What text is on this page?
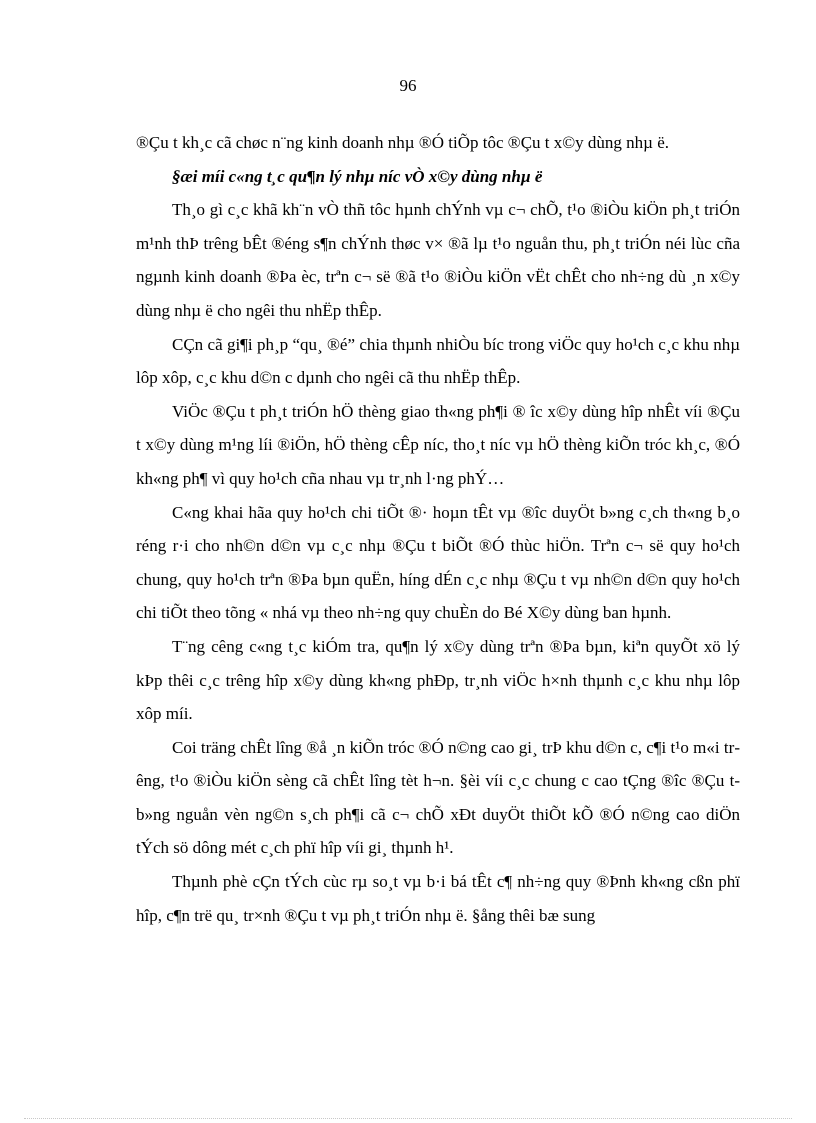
96

®Çu t kh¸c cã chøc n¨ng kinh doanh nhµ ®Ó tiÕp tôc ®Çu t x©y dùng nhµ ë.

§æi míi c«ng t¸c qu¶n lý nhµ níc vÒ x©y dùng nhµ ë

Th¸o gì c¸c khã kh¨n vÒ thñ tôc hµnh chÝnh vµ c¬ chÕ, t¹o ®iÒu kiÖn ph¸t triÓn m¹nh thÞ trêng bÊt ®éng s¶n chÝnh thøc v× ®ã lµ t¹o nguån thu, ph¸t triÓn néi lùc cña ngµnh kinh doanh ®Þa èc, trªn c¬ së ®ã t¹o ®iÒu kiÖn vËt chÊt cho nh÷ng dù ¸n x©y dùng nhµ ë cho ngêi thu nhËp thÊp.

CÇn cã gi¶i ph¸p “qu¸ ®é” chia thµnh nhiÒu bíc trong viÖc quy ho¹ch c¸c khu nhµ lôp xôp, c¸c khu d©n c dµnh cho ngêi cã thu nhËp thÊp.

ViÖc ®Çu t ph¸t triÓn hÖ thèng giao th«ng ph¶i ® îc x©y dùng hîp nhÊt víi ®Çu t x©y dùng m¹ng líi ®iÖn, hÖ thèng cÊp níc, tho¸t níc vµ hÖ thèng kiÕn tróc kh¸c, ®Ó kh«ng ph¶ vì quy ho¹ch cña nhau vµ tr¸nh l·ng phÝ…

C«ng khai hãa quy ho¹ch chi tiÕt ®· hoµn tÊt vµ ®îc duyÖt b»ng c¸ch th«ng b¸o réng r·i cho nh©n d©n vµ c¸c nhµ ®Çu t biÕt ®Ó thùc hiÖn. Trªn c¬ së quy ho¹ch chung, quy ho¹ch trªn ®Þa bµn quËn, híng dÉn c¸c nhµ ®Çu t vµ nh©n d©n quy ho¹ch chi tiÕt theo tõng « nhá vµ theo nh÷ng quy chuÈn do Bé X©y dùng ban hµnh.

T¨ng cêng c«ng t¸c kiÓm tra, qu¶n lý x©y dùng trªn ®Þa bµn, kiªn quyÕt xö lý kÞp thêi c¸c trêng hîp x©y dùng kh«ng phÐp, tr¸nh viÖc h×nh thµnh c¸c khu nhµ lôp xôp míi.

Coi träng chÊt lîng ®å ¸n kiÕn tróc ®Ó n©ng cao gi¸ trÞ khu d©n c, c¶i t¹o m«i trêng, t¹o ®iÒu kiÖn sèng cã chÊt lîng tèt h¬n. §èi víi c¸c chung c cao tÇng ®îc ®Çu t b»ng nguån vèn ng©n s¸ch ph¶i cã c¬ chÕ xÐt duyÖt thiÕt kÕ ®Ó n©ng cao diÖn tÝch sö dông mét c¸ch phï hîp víi gi¸ thµnh h¹.

Thµnh phè cÇn tÝch cùc rµ so¸t vµ b·i bá tÊt c¶ nh÷ng quy ®Þnh kh«ng cßn phï hîp, c¶n trë qu¸ tr×nh ®Çu t vµ ph¸t triÓn nhµ ë. §ång thêi bæ sung
